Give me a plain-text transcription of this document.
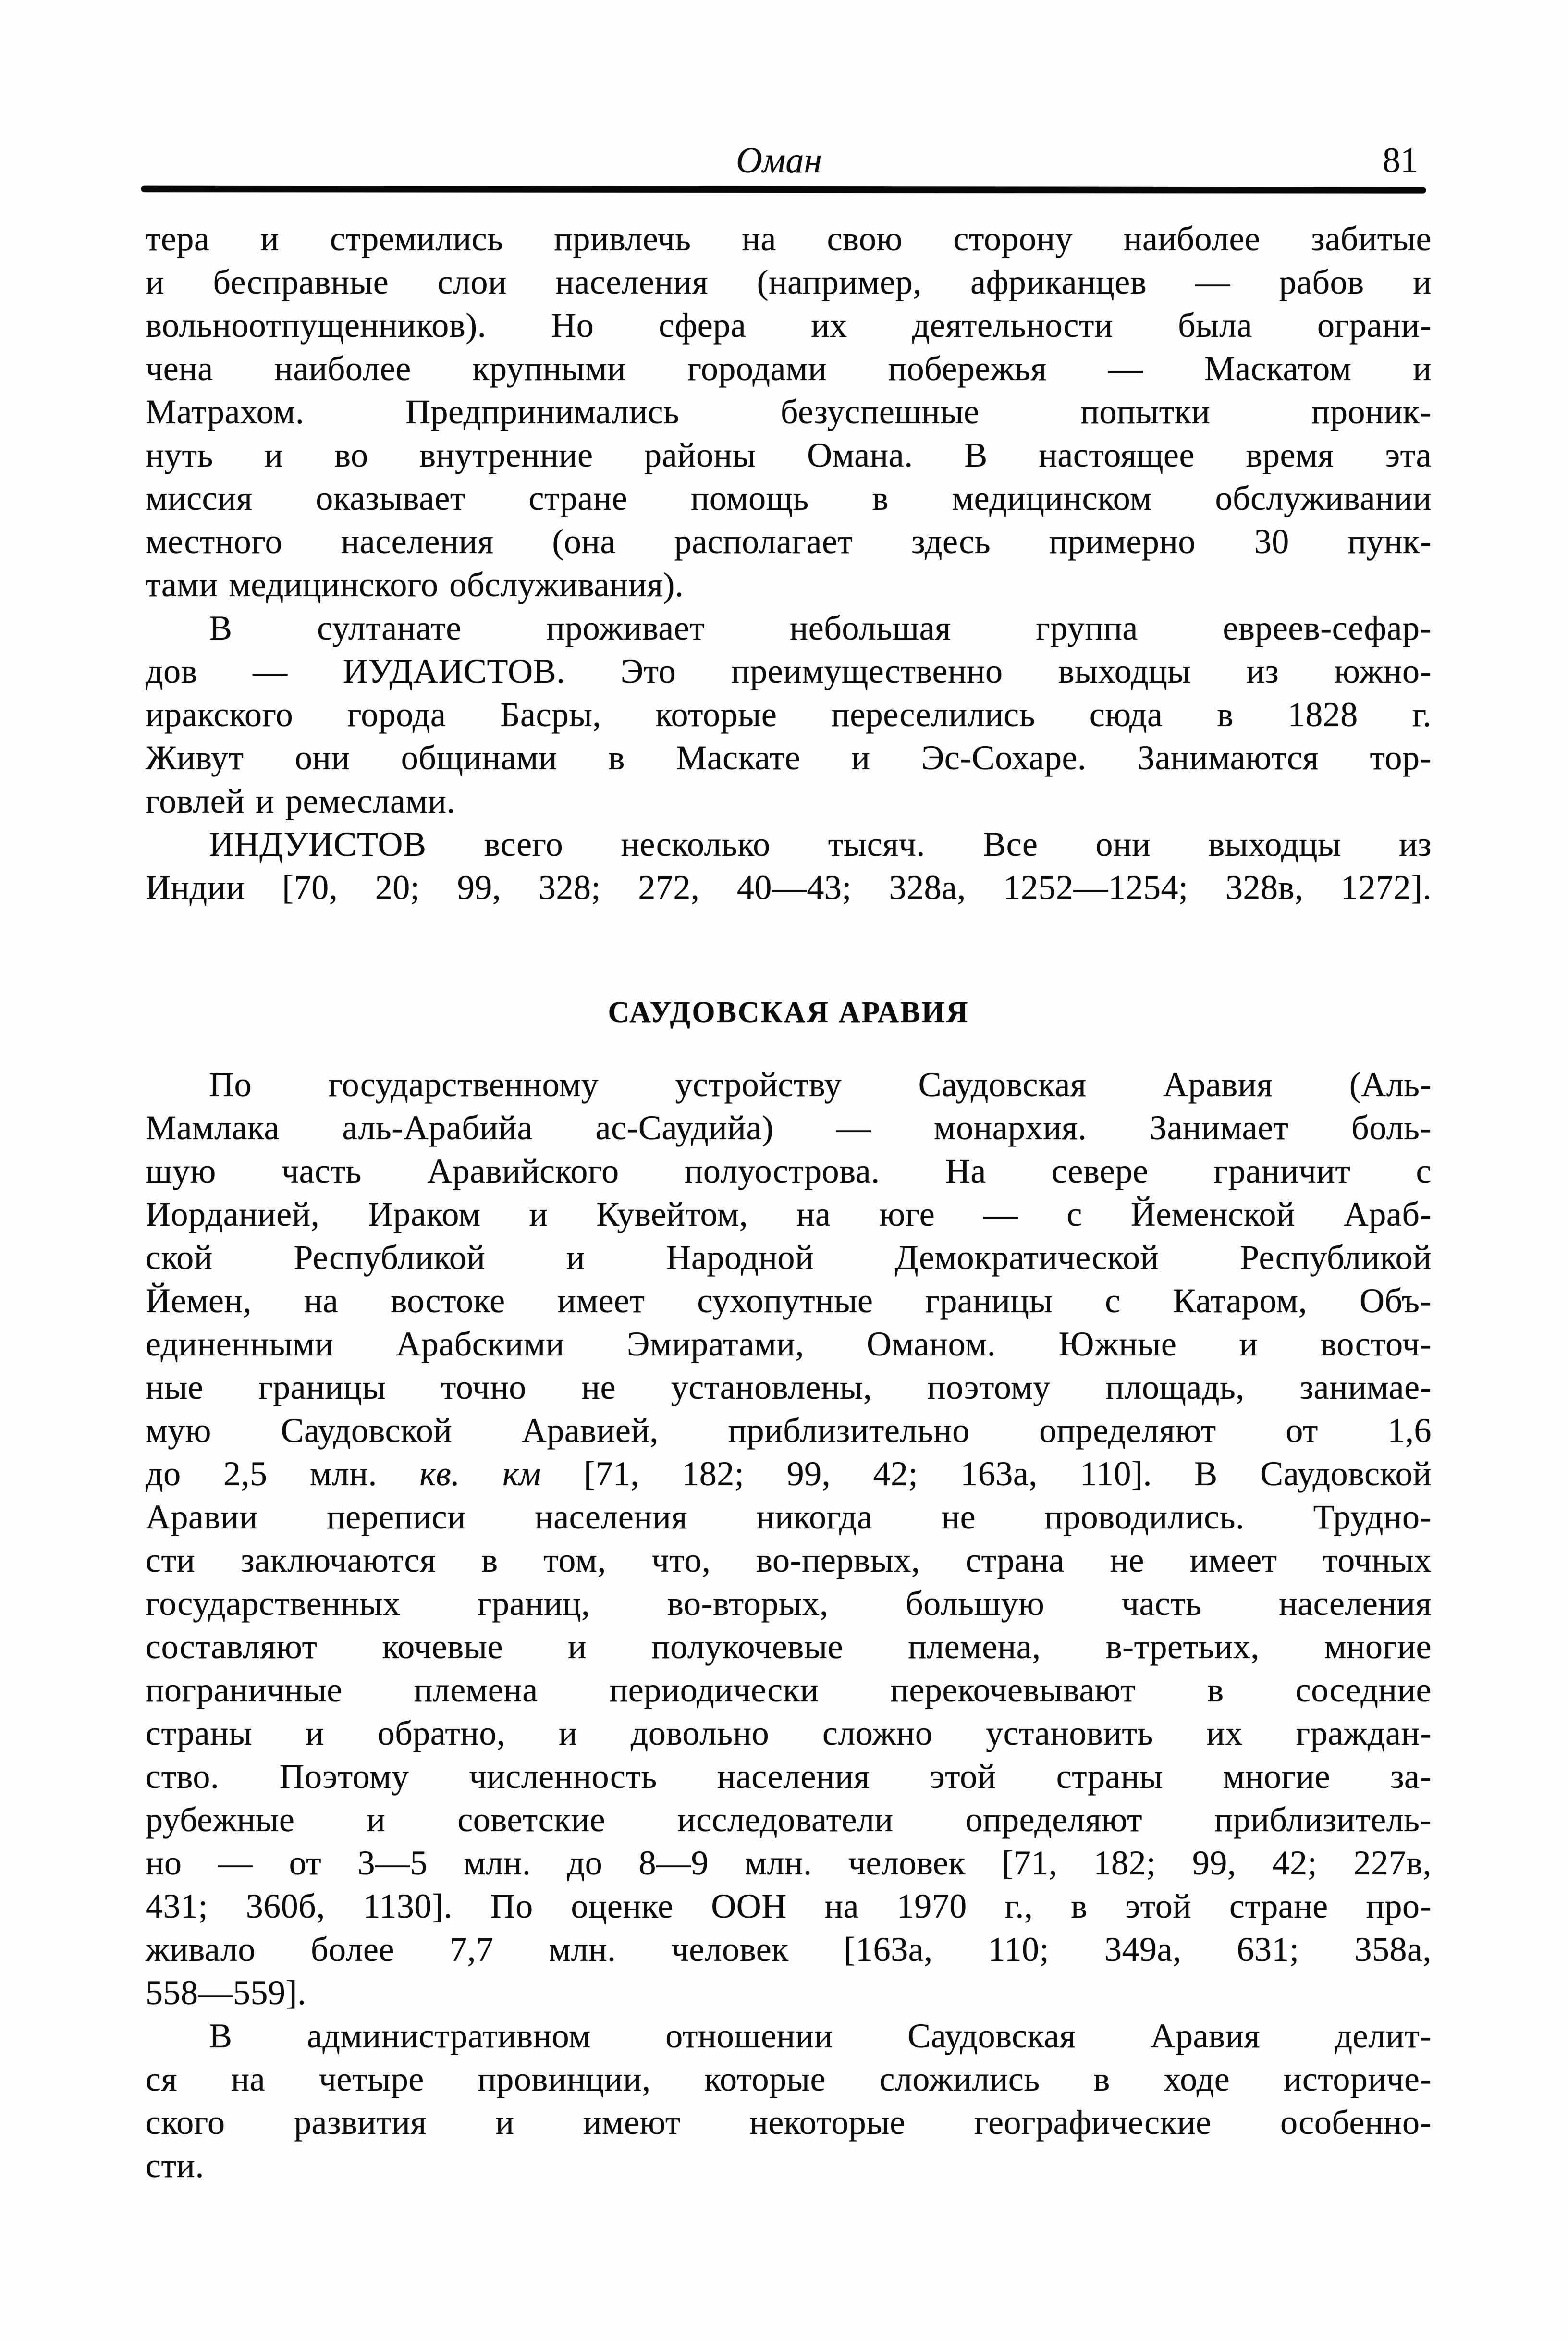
Оман	81
тера и стремились привлечь на свою сторону наиболее забитые
и бесправные слои населения (например, африканцев — рабов и
вольноотпущенников). Но сфера их деятельности была ограни-
чена наиболее крупными городами побережья — Маскатом и
Матрахом. Предпринимались безуспешные попытки проник-
нуть и во внутренние районы Омана. В настоящее время эта
миссия оказывает стране помощь в медицинском обслуживании
местного населения (она располагает здесь примерно 30 пунк-
тами медицинского обслуживания).
В султанате проживает небольшая группа евреев-сефар-
дов — ИУДАИСТОВ. Это преимущественно выходцы из южно-
иракского города Басры, которые переселились сюда в 1828 г.
Живут они общинами в Маскате и Эс-Сохаре. Занимаются тор-
говлей и ремеслами.
ИНДУИСТОВ всего несколько тысяч. Все они выходцы из
Индии [70, 20; 99, 328; 272, 40—43; 328а, 1252—1254; 328в, 1272].
САУДОВСКАЯ АРАВИЯ
По государственному устройству Саудовская Аравия (Аль-
Мамлака аль-Арабийа ас-Саудийа) — монархия. Занимает боль-
шую часть Аравийского полуострова. На севере граничит с
Иорданией, Ираком и Кувейтом, на юге — с Йеменской Араб-
ской Республикой и Народной Демократической Республикой
Йемен, на востоке имеет сухопутные границы с Катаром, Объ-
единенными Арабскими Эмиратами, Оманом. Южные и восточ-
ные границы точно не установлены, поэтому площадь, занимае-
мую Саудовской Аравией, приблизительно определяют от 1,6
до 2,5 млн. кв. км [71, 182; 99, 42; 163а, 110]. В Саудовской
Аравии переписи населения никогда не проводились. Трудно-
сти заключаются в том, что, во-первых, страна не имеет точных
государственных границ, во-вторых, большую часть населения
составляют кочевые и полукочевые племена, в-третьих, многие
пограничные племена периодически перекочевывают в соседние
страны и обратно, и довольно сложно установить их граждан-
ство. Поэтому численность населения этой страны многие за-
рубежные и советские исследователи определяют приблизитель-
но — от 3—5 млн. до 8—9 млн. человек [71, 182; 99, 42; 227в,
431; 360б, 1130]. По оценке ООН на 1970 г., в этой стране про-
живало более 7,7 млн. человек [163а, 110; 349а, 631; 358а,
558—559].
В административном отношении Саудовская Аравия делит-
ся на четыре провинции, которые сложились в ходе историче-
ского развития и имеют некоторые географические особенно-
сти.
